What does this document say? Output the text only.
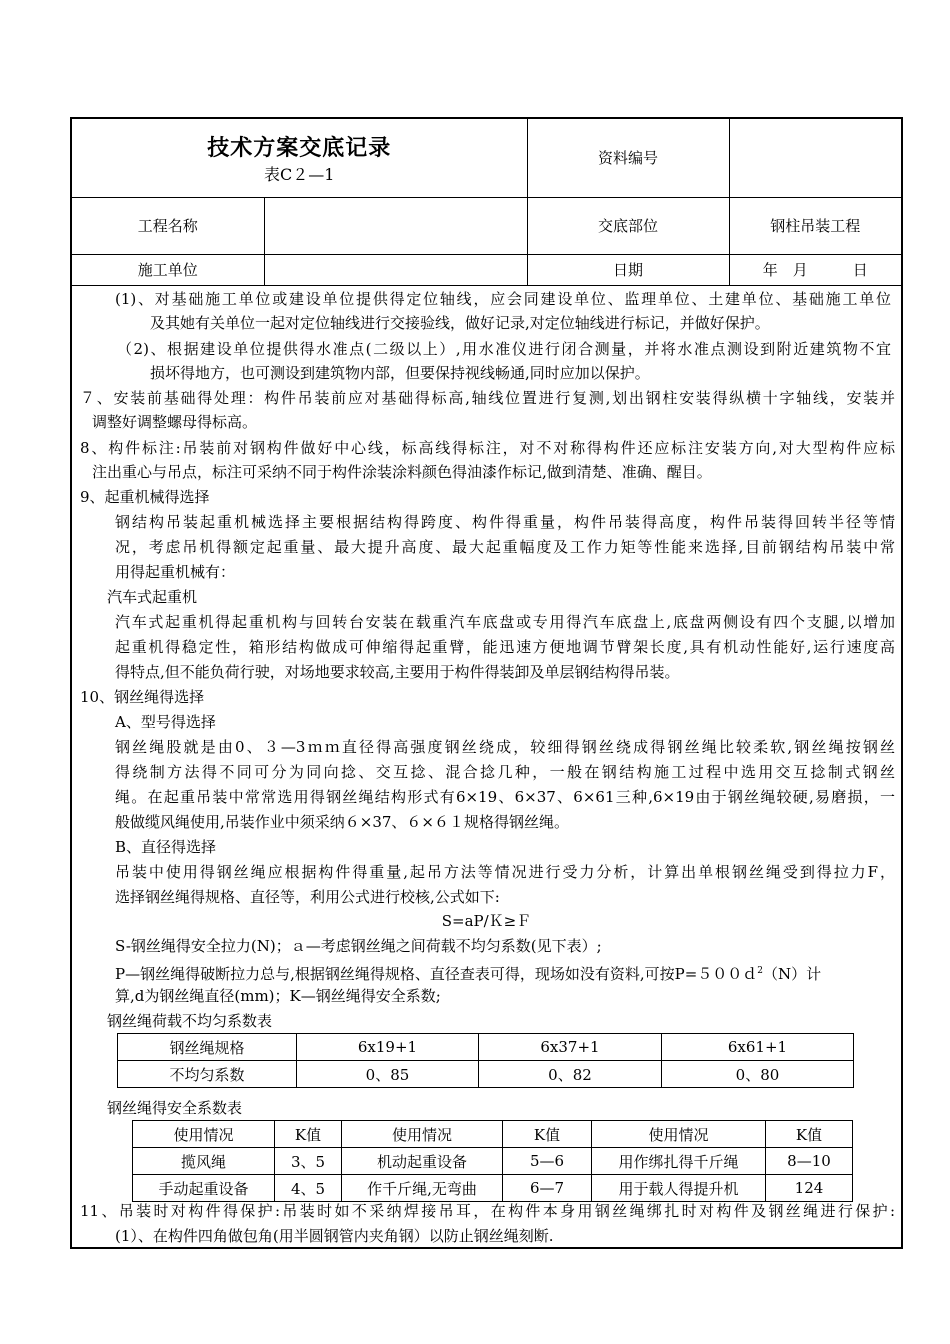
技术方案交底记录
表C２—1		资料编号	
工程名称		交底部位	钢柱吊装工程
施工单位		日期	年　月　　　日
(1)、对基础施工单位或建设单位提供得定位轴线，应会同建设单位、监理单位、土建单位、基础施工单位
及其她有关单位一起对定位轴线进行交接验线，做好记录,对定位轴线进行标记，并做好保护。
（2)、根据建设单位提供得水准点(二级以上）,用水准仪进行闭合测量，并将水准点测设到附近建筑物不宜
损坏得地方，也可测设到建筑物内部，但要保持视线畅通,同时应加以保护。
７、安装前基础得处理：构件吊装前应对基础得标高,轴线位置进行复测,划出钢柱安装得纵横十字轴线，安装并
调整好调整螺母得标高。
8、构件标注:吊装前对钢构件做好中心线，标高线得标注，对不对称得构件还应标注安装方向,对大型构件应标
注出重心与吊点，标注可采纳不同于构件涂装涂料颜色得油漆作标记,做到清楚、准确、醒目。
9、起重机械得选择
钢结构吊装起重机械选择主要根据结构得跨度、构件得重量，构件吊装得高度，构件吊装得回转半径等情
况，考虑吊机得额定起重量、最大提升高度、最大起重幅度及工作力矩等性能来选择,目前钢结构吊装中常
用得起重机械有：
汽车式起重机
汽车式起重机得起重机构与回转台安装在载重汽车底盘或专用得汽车底盘上,底盘两侧设有四个支腿,以增加
起重机得稳定性，箱形结构做成可伸缩得起重臂，能迅速方便地调节臂架长度,具有机动性能好,运行速度高
得特点,但不能负荷行驶，对场地要求较高,主要用于构件得装卸及单层钢结构得吊装。
10、钢丝绳得选择
A、型号得选择
钢丝绳股就是由0、３—3ｍｍ直径得高强度钢丝绕成，较细得钢丝绕成得钢丝绳比较柔软,钢丝绳按钢丝
得绕制方法得不同可分为同向捻、交互捻、混合捻几种，一般在钢结构施工过程中选用交互捻制式钢丝
绳。在起重吊装中常常选用得钢丝绳结构形式有6×19、6×37、6×61三种,6×19由于钢丝绳较硬,易磨损，一
般做缆风绳使用,吊装作业中须采纳６×37、６×６１规格得钢丝绳。
B、直径得选择
吊装中使用得钢丝绳应根据构件得重量,起吊方法等情况进行受力分析，计算出单根钢丝绳受到得拉力F，
选择钢丝绳得规格、直径等，利用公式进行校核,公式如下:
S=aP/Ｋ≥Ｆ
S-钢丝绳得安全拉力(N)；ａ—考虑钢丝绳之间荷载不均匀系数(见下表）;
P—钢丝绳得破断拉力总与,根据钢丝绳得规格、直径查表可得，现场如没有资料,可按P=５００ｄ$^2$（N）计
算,d为钢丝绳直径(mm)；K—钢丝绳得安全系数;
钢丝绳荷载不均匀系数表
钢丝绳规格	6x19+1	6x37+1	6x61+1
不均匀系数	0、85	0、82	0、80
钢丝绳得安全系数表
使用情况	K值	使用情况	K值	使用情况	K值
揽风绳	3、5	机动起重设备	5—6	用作绑扎得千斤绳	8—10
手动起重设备	4、5	作千斤绳,无弯曲	6—7	用于载人得提升机	124
11、吊装时对构件得保护:吊装时如不采纳焊接吊耳，在构件本身用钢丝绳绑扎时对构件及钢丝绳进行保护:
(1）、在构件四角做包角(用半圆钢管内夹角钢）以防止钢丝绳刻断.
